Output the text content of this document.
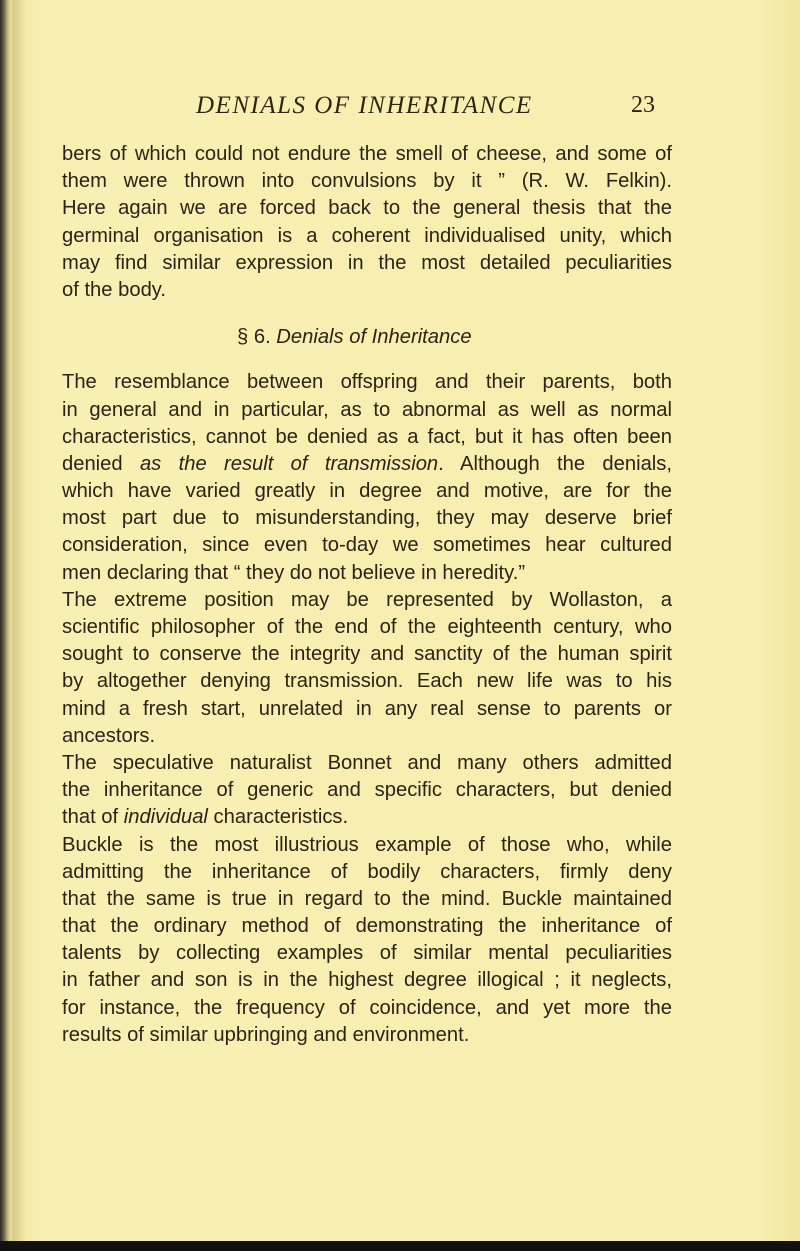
DENIALS OF INHERITANCE	23
bers of which could not endure the smell of cheese, and some of
them were thrown into convulsions by it ” (R. W. Felkin).
Here again we are forced back to the general thesis that the
germinal organisation is a coherent individualised unity, which
may find similar expression in the most detailed peculiarities
of the body.
§ 6. Denials of Inheritance
The resemblance between offspring and their parents, both
in general and in particular, as to abnormal as well as normal
characteristics, cannot be denied as a fact, but it has often been
denied as the result of transmission. Although the denials,
which have varied greatly in degree and motive, are for the
most part due to misunderstanding, they may deserve brief
consideration, since even to-day we sometimes hear cultured
men declaring that “ they do not believe in heredity.”
The extreme position may be represented by Wollaston, a
scientific philosopher of the end of the eighteenth century, who
sought to conserve the integrity and sanctity of the human spirit
by altogether denying transmission. Each new life was to his
mind a fresh start, unrelated in any real sense to parents or
ancestors.
The speculative naturalist Bonnet and many others admitted
the inheritance of generic and specific characters, but denied
that of individual characteristics.
Buckle is the most illustrious example of those who, while
admitting the inheritance of bodily characters, firmly deny
that the same is true in regard to the mind. Buckle maintained
that the ordinary method of demonstrating the inheritance of
talents by collecting examples of similar mental peculiarities
in father and son is in the highest degree illogical ; it neglects,
for instance, the frequency of coincidence, and yet more the
results of similar upbringing and environment.
